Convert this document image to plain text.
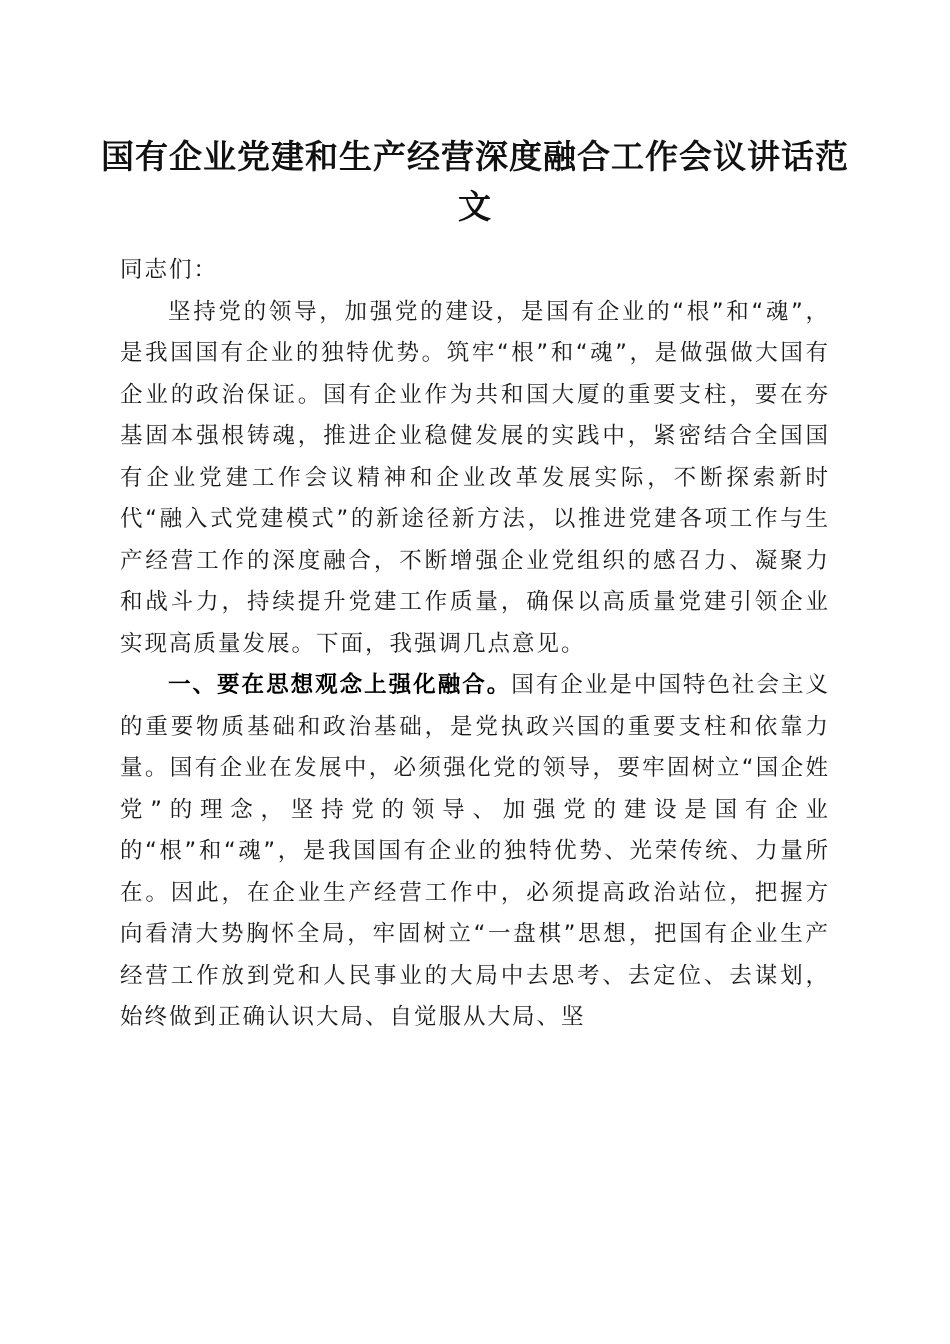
国有企业党建和生产经营深度融合工作会议讲话范文

同志们：

坚持党的领导，加强党的建设，是国有企业的“根”和“魂”，是我国国有企业的独特优势。筑牢“根”和“魂”，是做强做大国有企业的政治保证。国有企业作为共和国大厦的重要支柱，要在夯基固本强根铸魂，推进企业稳健发展的实践中，紧密结合全国国有企业党建工作会议精神和企业改革发展实际，不断探索新时代“融入式党建模式”的新途径新方法，以推进党建各项工作与生产经营工作的深度融合，不断增强企业党组织的感召力、凝聚力和战斗力，持续提升党建工作质量，确保以高质量党建引领企业实现高质量发展。下面，我强调几点意见。

一、要在思想观念上强化融合。国有企业是中国特色社会主义的重要物质基础和政治基础，是党执政兴国的重要支柱和依靠力量。国有企业在发展中，必须强化党的领导，要牢固树立“国企姓党”的理念，坚持党的领导、加强党的建设是国有企业的“根”和“魂”，是我国国有企业的独特优势、光荣传统、力量所在。因此，在企业生产经营工作中，必须提高政治站位，把握方向看清大势胸怀全局，牢固树立“一盘棋”思想，把国有企业生产经营工作放到党和人民事业的大局中去思考、去定位、去谋划，始终做到正确认识大局、自觉服从大局、坚
